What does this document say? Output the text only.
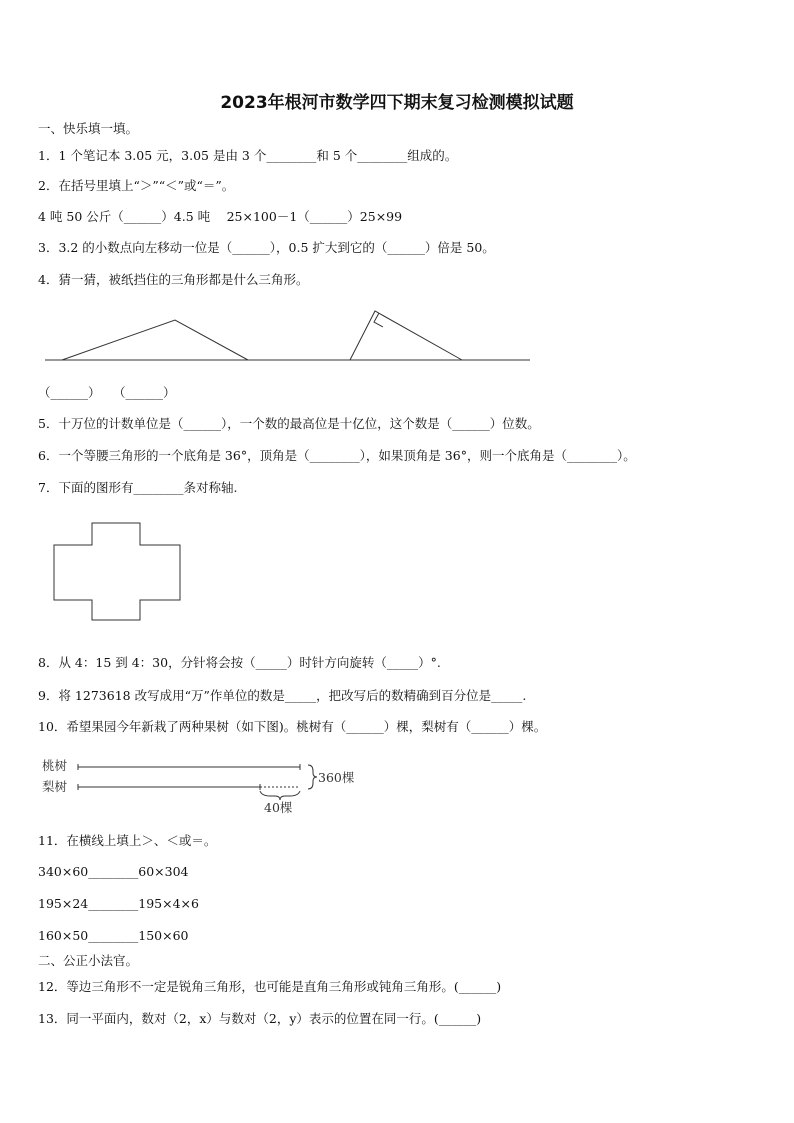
2023年根河市数学四下期末复习检测模拟试题
一、快乐填一填。
1．1 个笔记本 3.05 元，3.05 是由 3 个________和 5 个________组成的。
2．在括号里填上“＞”“＜”或“＝”。
4 吨 50 公斤（______）4.5 吨　 25×100－1（______）25×99
3．3.2 的小数点向左移动一位是（______），0.5 扩大到它的（______）倍是 50。
4．猜一猜，被纸挡住的三角形都是什么三角形。
（______）　　（______）
5．十万位的计数单位是（______），一个数的最高位是十亿位，这个数是（______）位数。
6．一个等腰三角形的一个底角是 36°，顶角是（________），如果顶角是 36°，则一个底角是（________）。
7．下面的图形有________条对称轴.
8．从 4：15 到 4：30，分针将会按（_____）时针方向旋转（_____）°.
9．将 1273618 改写成用“万”作单位的数是_____，把改写后的数精确到百分位是_____.
10．希望果园今年新栽了两种果树（如下图)。桃树有（______）棵，梨树有（______）棵。
桃树
梨树
40棵
360棵
11．在横线上填上＞、＜或＝。
340×60________60×304
195×24________195×4×6
160×50________150×60
二、公正小法官。
12．等边三角形不一定是锐角三角形，也可能是直角三角形或钝角三角形。(______)
13．同一平面内，数对（2，x）与数对（2，y）表示的位置在同一行。(______)
